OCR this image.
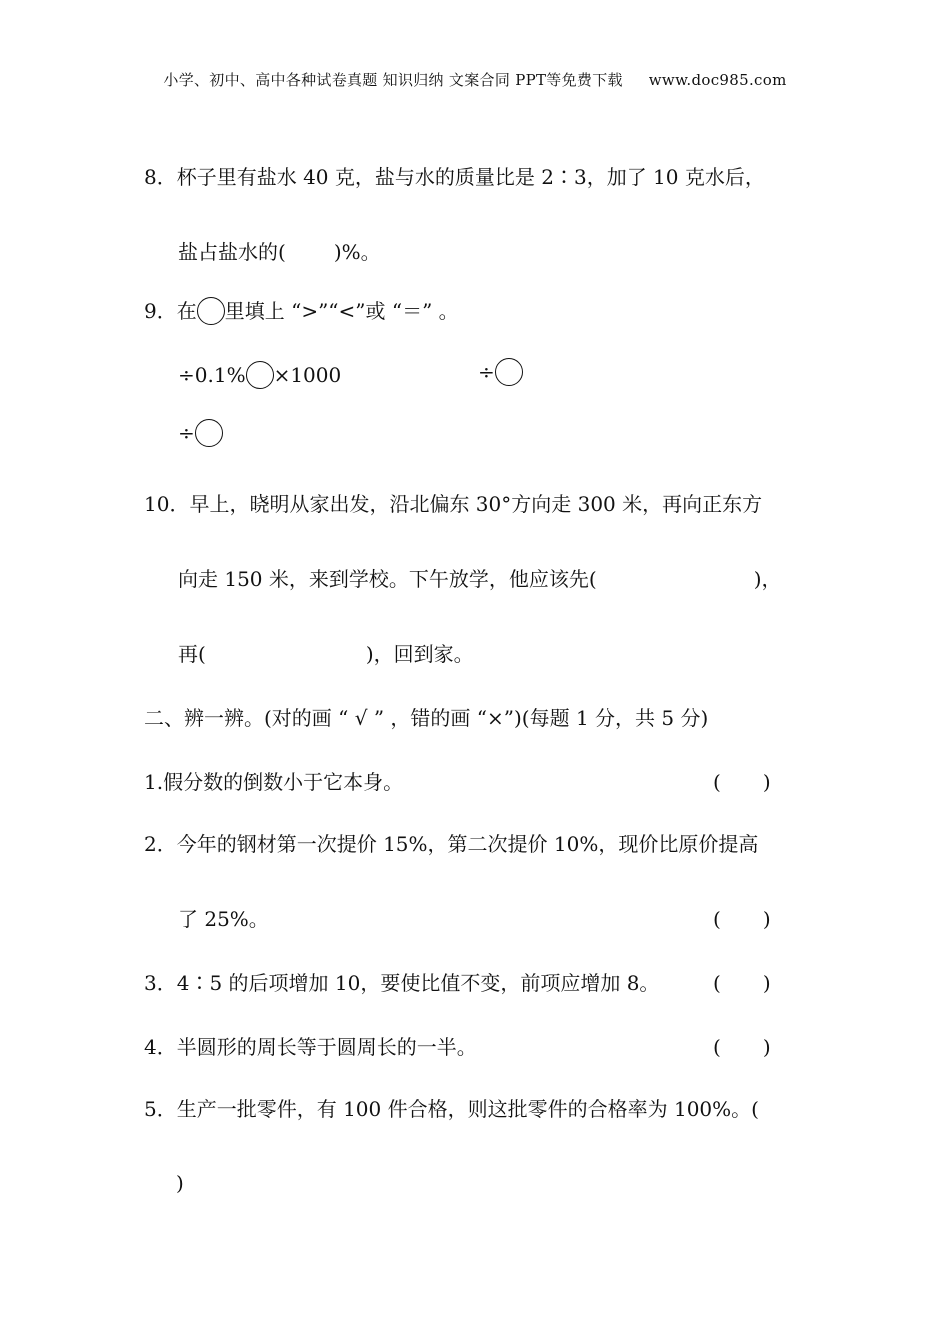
小学、初中、高中各种试卷真题 知识归纳 文案合同 PPT等免费下载 www.doc985.com
8．杯子里有盐水 40 克，盐与水的质量比是 2∶3，加了 10 克水后，
盐占盐水的( )%。
9．在 里填上 “>”“<”或 “＝” 。
÷0.1% ×1000	÷
÷
10．早上，晓明从家出发，沿北偏东 30°方向走 300 米，再向正东方
向走 150 米，来到学校。下午放学，他应该先(	)，
再(	)，回到家。
二、辨一辨。(对的画 “ √ ” ，错的画 “×”)(每题 1 分，共 5 分)
1.假分数的倒数小于它本身。	( )
2．今年的钢材第一次提价 15%，第二次提价 10%，现价比原价提高
了 25%。	( )
3．4∶5 的后项增加 10，要使比值不变，前项应增加 8。	( )
4．半圆形的周长等于圆周长的一半。	( )
5．生产一批零件，有 100 件合格，则这批零件的合格率为 100%。(
)
